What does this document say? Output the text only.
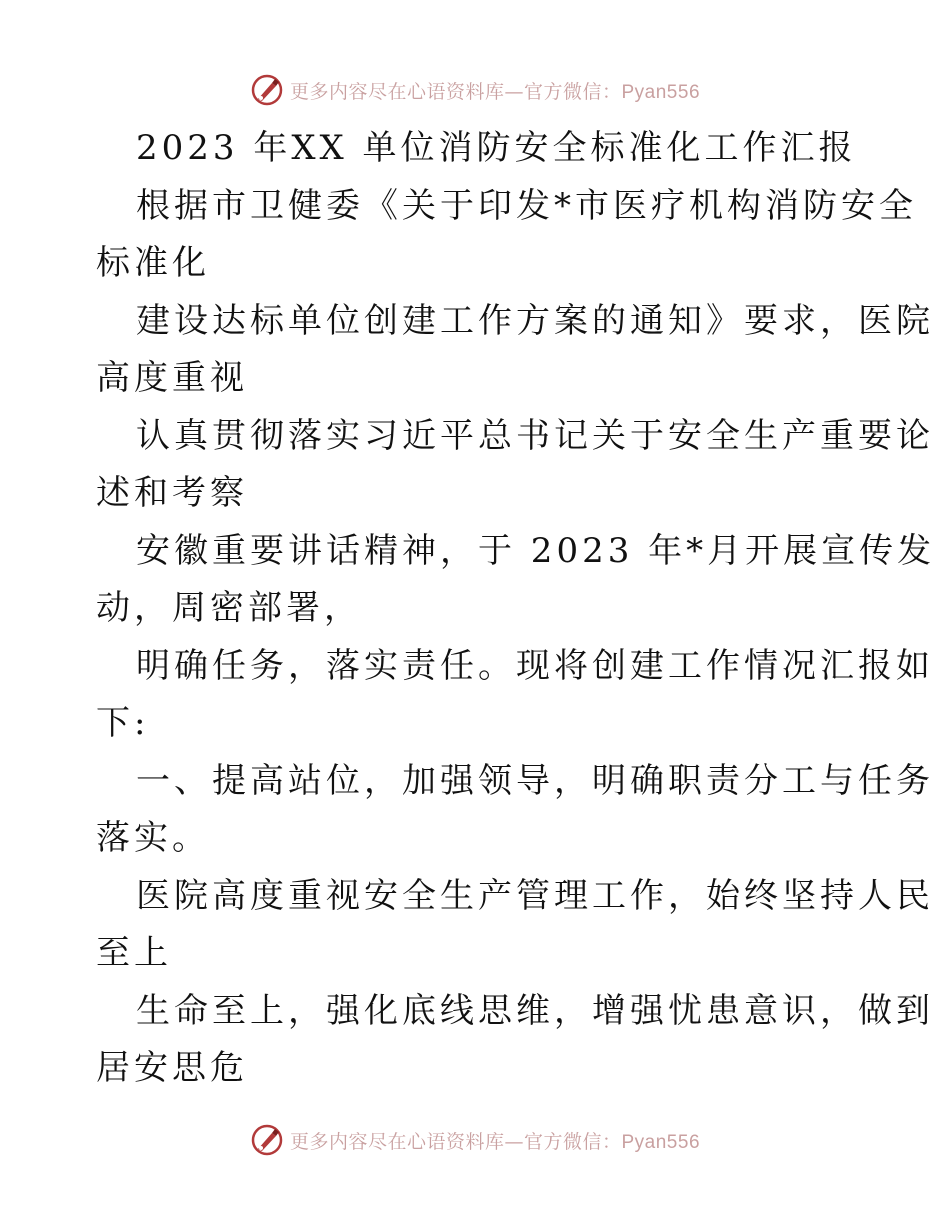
更多内容尽在心语资料库—官方微信：Pyan556
2023 年XX 单位消防安全标准化工作汇报
根据市卫健委《关于印发*市医疗机构消防安全
标准化
建设达标单位创建工作方案的通知》要求，医院
高度重视
认真贯彻落实习近平总书记关于安全生产重要论
述和考察
安徽重要讲话精神，于 2023 年*月开展宣传发
动，周密部署，
明确任务，落实责任。现将创建工作情况汇报如
下:
一、提高站位，加强领导，明确职责分工与任务
落实。
医院高度重视安全生产管理工作，始终坚持人民
至上
生命至上，强化底线思维，增强忧患意识，做到
居安思危
更多内容尽在心语资料库—官方微信：Pyan556
